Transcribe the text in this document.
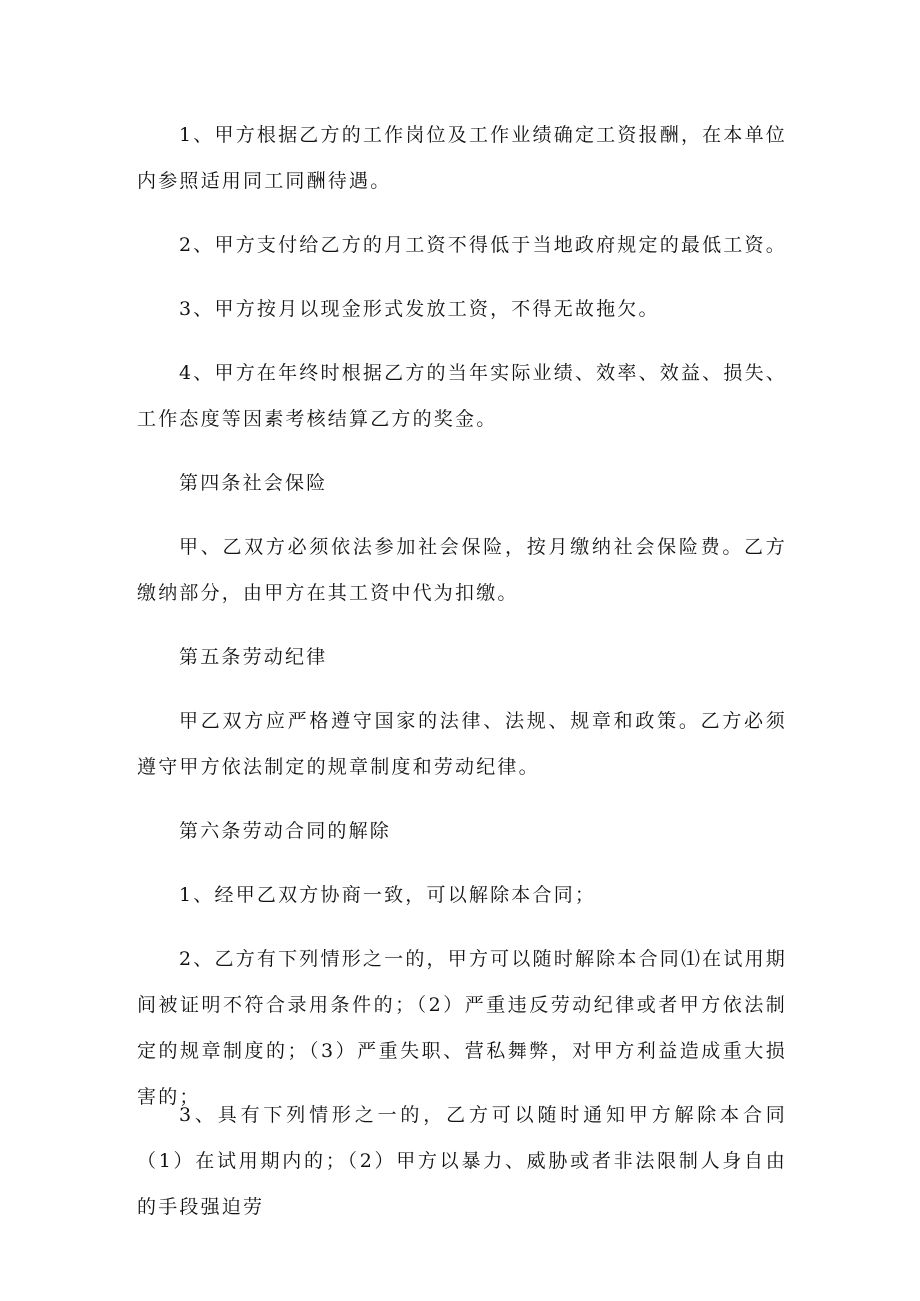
1、甲方根据乙方的工作岗位及工作业绩确定工资报酬，在本单位内参照适用同工同酬待遇。

2、甲方支付给乙方的月工资不得低于当地政府规定的最低工资。

3、甲方按月以现金形式发放工资，不得无故拖欠。

4、甲方在年终时根据乙方的当年实际业绩、效率、效益、损失、工作态度等因素考核结算乙方的奖金。

第四条社会保险

甲、乙双方必须依法参加社会保险，按月缴纳社会保险费。乙方缴纳部分，由甲方在其工资中代为扣缴。

第五条劳动纪律

甲乙双方应严格遵守国家的法律、法规、规章和政策。乙方必须遵守甲方依法制定的规章制度和劳动纪律。

第六条劳动合同的解除

1、经甲乙双方协商一致，可以解除本合同；

2、乙方有下列情形之一的，甲方可以随时解除本合同⑴在试用期间被证明不符合录用条件的；（2）严重违反劳动纪律或者甲方依法制定的规章制度的；（3）严重失职、营私舞弊，对甲方利益造成重大损害的；

3、具有下列情形之一的，乙方可以随时通知甲方解除本合同（1）在试用期内的；（2）甲方以暴力、威胁或者非法限制人身自由的手段强迫劳
